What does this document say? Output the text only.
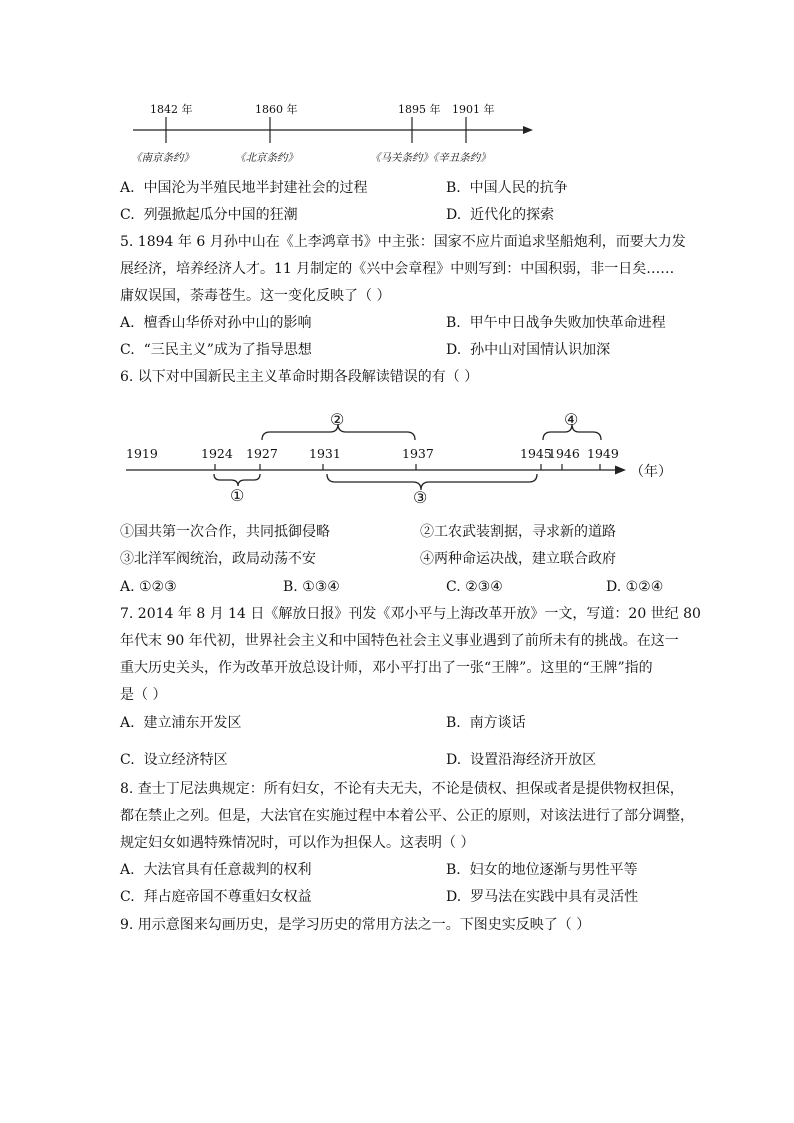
1842 年	1860 年	1895 年 1901 年
《南京条约》	《北京条约》	《马关条约》《辛丑条约》
A. 中国沦为半殖民地半封建社会的过程	B. 中国人民的抗争
C. 列强掀起瓜分中国的狂潮	D. 近代化的探索
5. 1894 年 6 月孙中山在《上李鸿章书》中主张：国家不应片面追求坚船炮利，而要大力发
展经济，培养经济人才。11 月制定的《兴中会章程》中则写到：中国积弱，非一日矣……
庸奴误国，荼毒苍生。这一变化反映了（ ）
A. 檀香山华侨对孙中山的影响	B. 甲午中日战争失败加快革命进程
C. “三民主义”成为了指导思想	D. 孙中山对国情认识加深
6. 以下对中国新民主主义革命时期各段解读错误的有（ ）
1919	1924 1927 1931	1937	1945
1946 1949
（年）
②	④
①	③
①国共第一次合作，共同抵御侵略	②工农武装割据，寻求新的道路
③北洋军阀统治，政局动荡不安	④两种命运决战，建立联合政府
A. ①②③	B. ①③④	C. ②③④	D. ①②④
7. 2014 年 8 月 14 日《解放日报》刊发《邓小平与上海改革开放》一文，写道：20 世纪 80
年代末 90 年代初，世界社会主义和中国特色社会主义事业遇到了前所未有的挑战。在这一
重大历史关头，作为改革开放总设计师，邓小平打出了一张“王牌”。这里的“王牌”指的
是（ ）
A. 建立浦东开发区	B. 南方谈话
C. 设立经济特区	D. 设置沿海经济开放区
8. 查士丁尼法典规定：所有妇女，不论有夫无夫，不论是债权、担保或者是提供物权担保，
都在禁止之列。但是，大法官在实施过程中本着公平、公正的原则，对该法进行了部分调整，
规定妇女如遇特殊情况时，可以作为担保人。这表明（ ）
A. 大法官具有任意裁判的权利	B. 妇女的地位逐渐与男性平等
C. 拜占庭帝国不尊重妇女权益	D. 罗马法在实践中具有灵活性
9. 用示意图来勾画历史，是学习历史的常用方法之一。下图史实反映了（ ）
